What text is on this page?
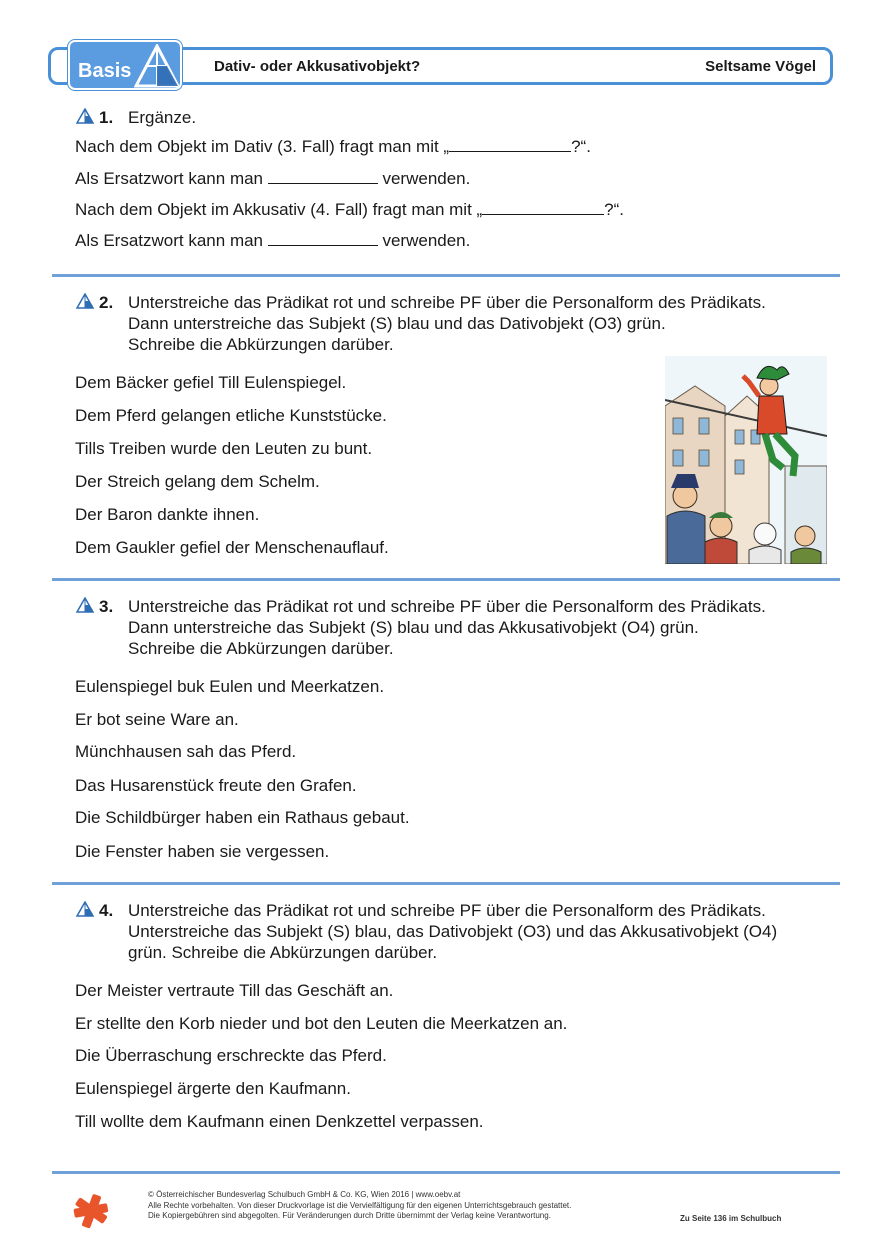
Basis	Dativ- oder Akkusativobjekt?	Seltsame Vögel
1. Ergänze.
Nach dem Objekt im Dativ (3. Fall) fragt man mit „	?“.
Als Ersatzwort kann man	verwenden.
Nach dem Objekt im Akkusativ (4. Fall) fragt man mit „	?“.
Als Ersatzwort kann man	verwenden.
2. Unterstreiche das Prädikat rot und schreibe PF über die Personalform des Prädikats.
Dann unterstreiche das Subjekt (S) blau und das Dativobjekt (O3) grün.
Schreibe die Abkürzungen darüber.
Dem Bäcker gefiel Till Eulenspiegel.
Dem Pferd gelangen etliche Kunststücke.
Tills Treiben wurde den Leuten zu bunt.
Der Streich gelang dem Schelm.
Der Baron dankte ihnen.
Dem Gaukler gefiel der Menschenauflauf.
3. Unterstreiche das Prädikat rot und schreibe PF über die Personalform des Prädikats.
Dann unterstreiche das Subjekt (S) blau und das Akkusativobjekt (O4) grün.
Schreibe die Abkürzungen darüber.
Eulenspiegel buk Eulen und Meerkatzen.
Er bot seine Ware an.
Münchhausen sah das Pferd.
Das Husarenstück freute den Grafen.
Die Schildbürger haben ein Rathaus gebaut.
Die Fenster haben sie vergessen.
4. Unterstreiche das Prädikat rot und schreibe PF über die Personalform des Prädikats.
Unterstreiche das Subjekt (S) blau, das Dativobjekt (O3) und das Akkusativobjekt (O4)
grün. Schreibe die Abkürzungen darüber.
Der Meister vertraute Till das Geschäft an.
Er stellte den Korb nieder und bot den Leuten die Meerkatzen an.
Die Überraschung erschreckte das Pferd.
Eulenspiegel ärgerte den Kaufmann.
Till wollte dem Kaufmann einen Denkzettel verpassen.
© Österreichischer Bundesverlag Schulbuch GmbH & Co. KG, Wien 2016 | www.oebv.at
Alle Rechte vorbehalten. Von dieser Druckvorlage ist die Vervielfältigung für den eigenen Unterrichtsgebrauch gestattet.
Die Kopiergebühren sind abgegolten. Für Veränderungen durch Dritte übernimmt der Verlag keine Verantwortung.	Zu Seite 136 im Schulbuch
